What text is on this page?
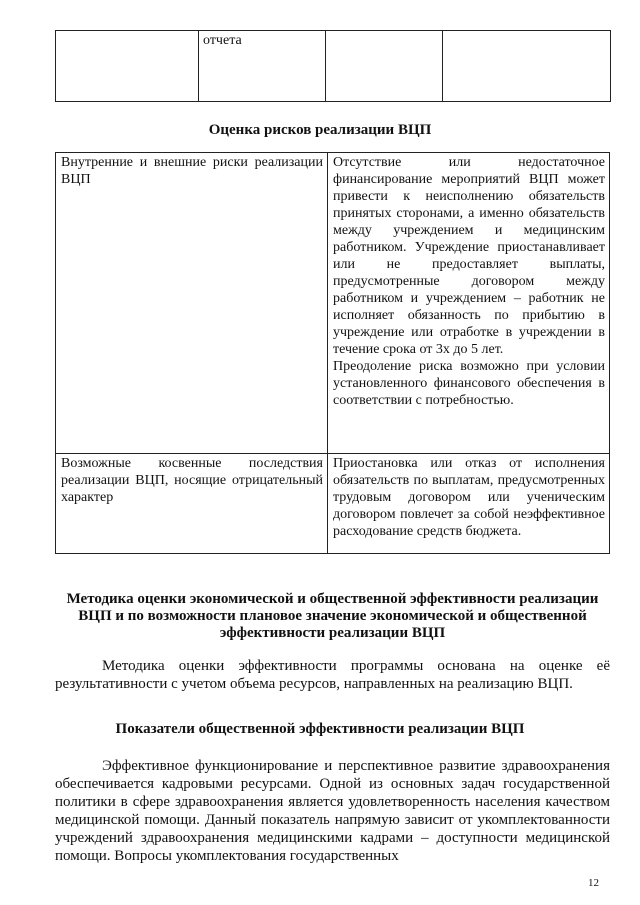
	отчета		
Оценка рисков реализации ВЦП
Внутренние и внешние риски реализации ВЦП	Отсутствие или недостаточное финансирование мероприятий ВЦП может привести к неисполнению обязательств принятых сторонами, а именно обязательств между учреждением и медицинским работником. Учреждение приостанавливает или не предоставляет выплаты, предусмотренные договором между работником и учреждением – работник не исполняет обязанность по прибытию в учреждение или отработке в учреждении в течение срока от 3х до 5 лет.
Преодоление риска возможно при условии установленного финансового обеспечения в соответствии с потребностью.

Возможные косвенные последствия реализации ВЦП, носящие отрицательный характер	Приостановка или отказ от исполнения обязательств по выплатам, предусмотренных трудовым договором или ученическим договором повлечет за собой неэффективное расходование средств бюджета.
Методика оценки экономической и общественной эффективности реализации ВЦП и по возможности плановое значение экономической и общественной эффективности реализации ВЦП

Методика оценки эффективности программы основана на оценке её результативности с учетом объема ресурсов, направленных на реализацию ВЦП.

Показатели общественной эффективности реализации ВЦП

Эффективное функционирование и перспективное развитие здравоохранения обеспечивается кадровыми ресурсами. Одной из основных задач государственной политики в сфере здравоохранения является удовлетворенность населения качеством медицинской помощи. Данный показатель напрямую зависит от укомплектованности учреждений здравоохранения медицинскими кадрами – доступности медицинской помощи. Вопросы укомплектования государственных

12
